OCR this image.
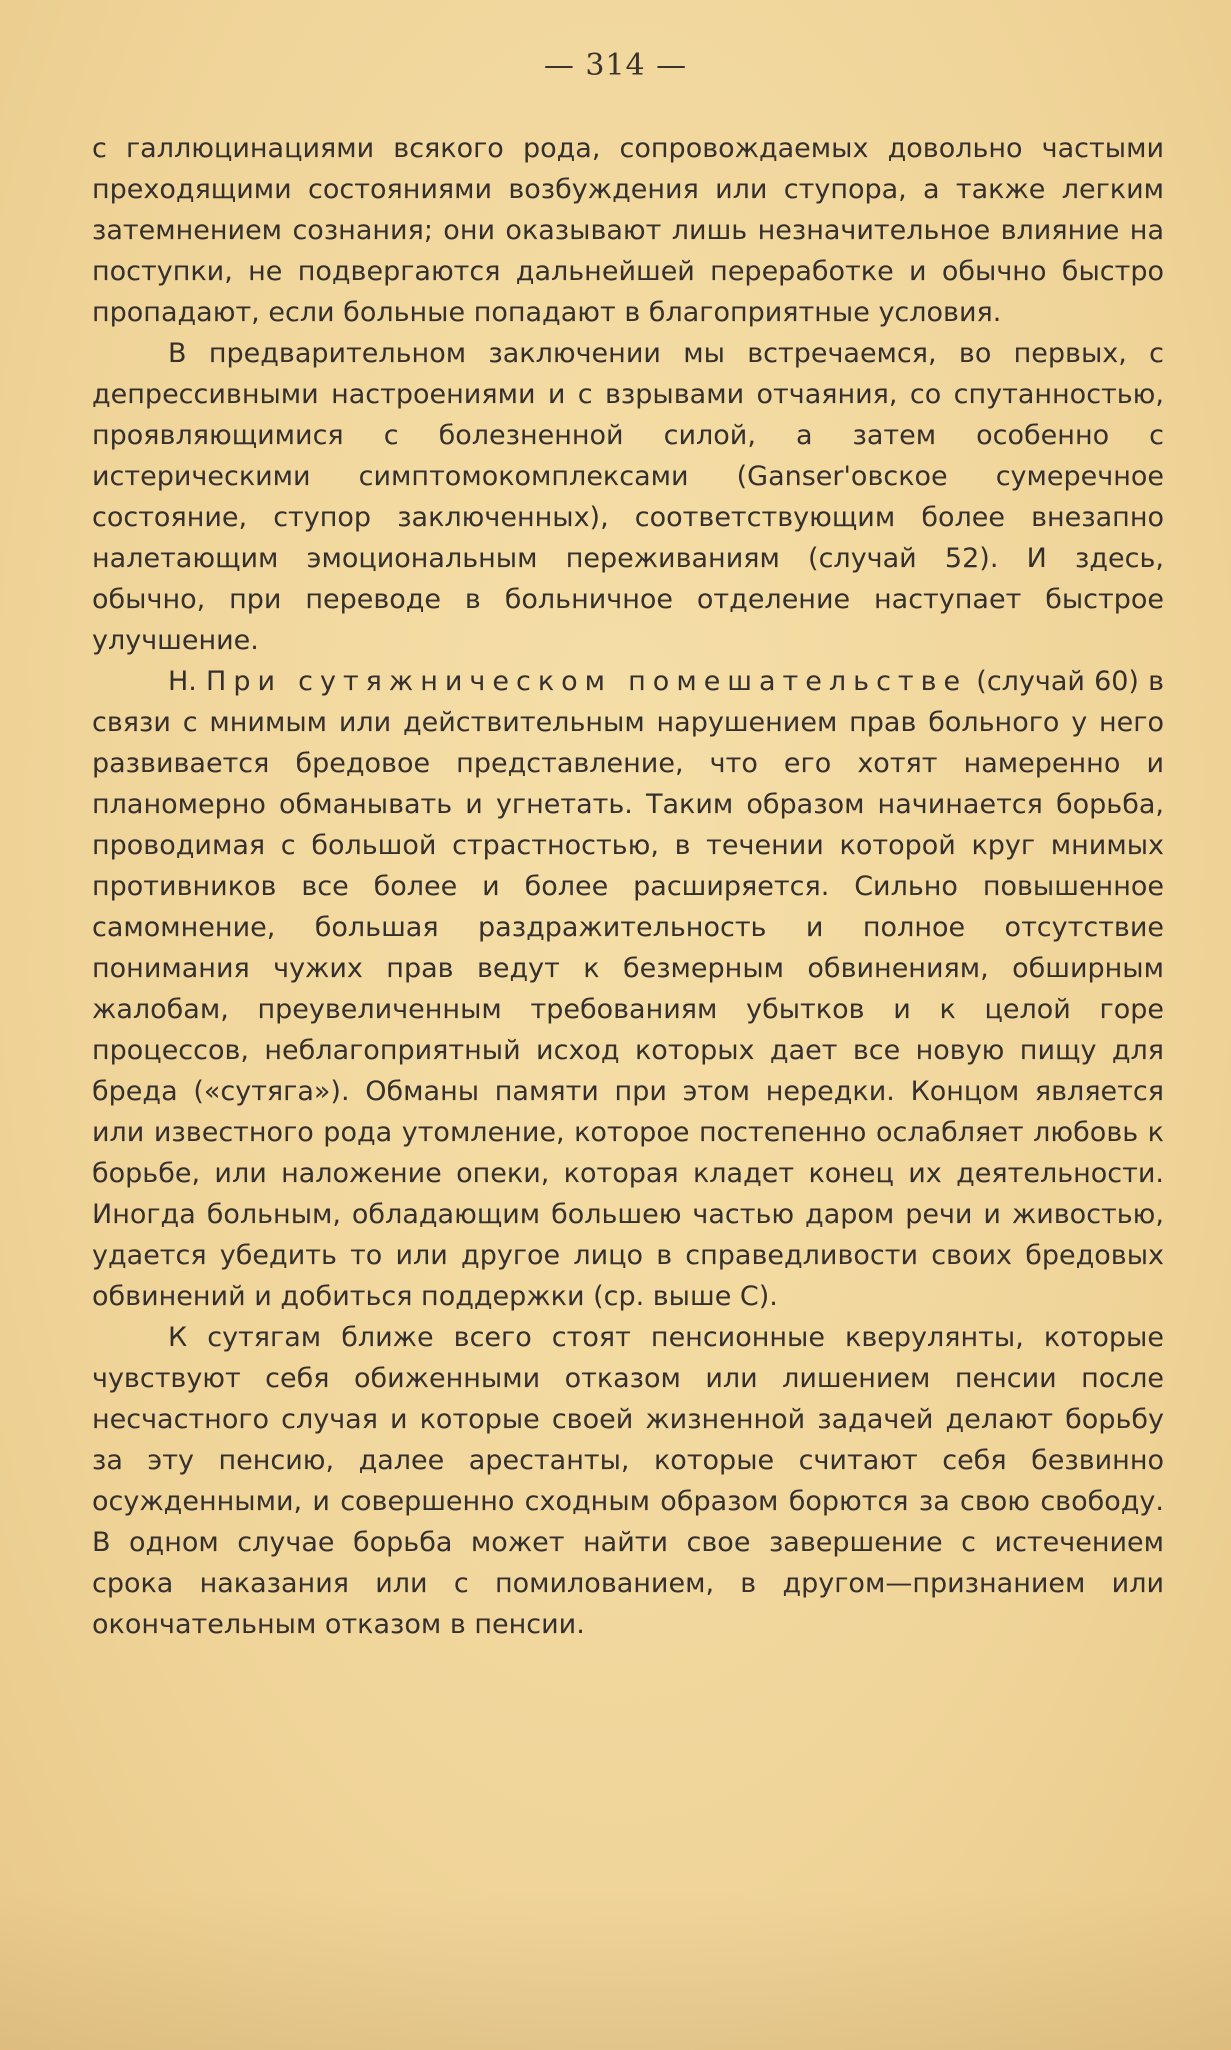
— 314 —

с галлюцинациями всякого рода, сопровождаемых довольно частыми преходящими состояниями возбуждения или ступора, а также легким затемнением сознания; они оказывают лишь незначительное влияние на поступки, не подвергаются дальнейшей переработке и обычно быстро пропадают, если больные попадают в благоприятные условия.

В предварительном заключении мы встречаемся, во первых, с депрессивными настроениями и с взрывами отчаяния, со спутанностью, проявляющимися с болезненной силой, а затем особенно с истерическими симптомокомплексами (Ganser'овское сумеречное состояние, ступор заключенных), соответствующим более внезапно налетающим эмоциональным переживаниям (случай 52). И здесь, обычно, при переводе в больничное отделение наступает быстрое улучшение.

Н. При сутяжническом помешательстве (случай 60) в связи с мнимым или действительным нарушением прав больного у него развивается бредовое представление, что его хотят намеренно и планомерно обманывать и угнетать. Таким образом начинается борьба, проводимая с большой страстностью, в течении которой круг мнимых противников все более и более расширяется. Сильно повышенное самомнение, большая раздражительность и полное отсутствие понимания чужих прав ведут к безмерным обвинениям, обширным жалобам, преувеличенным требованиям убытков и к целой горе процессов, неблагоприятный исход которых дает все новую пищу для бреда («сутяга»). Обманы памяти при этом нередки. Концом является или известного рода утомление, которое постепенно ослабляет любовь к борьбе, или наложение опеки, которая кладет конец их деятельности. Иногда больным, обладающим большею частью даром речи и живостью, удается убедить то или другое лицо в справедливости своих бредовых обвинений и добиться поддержки (ср. выше С).

К сутягам ближе всего стоят пенсионные кверулянты, которые чувствуют себя обиженными отказом или лишением пенсии после несчастного случая и которые своей жизненной задачей делают борьбу за эту пенсию, далее арестанты, которые считают себя безвинно осужденными, и совершенно сходным образом борются за свою свободу. В одном случае борьба может найти свое завершение с истечением срока наказания или с помилованием, в другом—признанием или окончательным отказом в пенсии.
